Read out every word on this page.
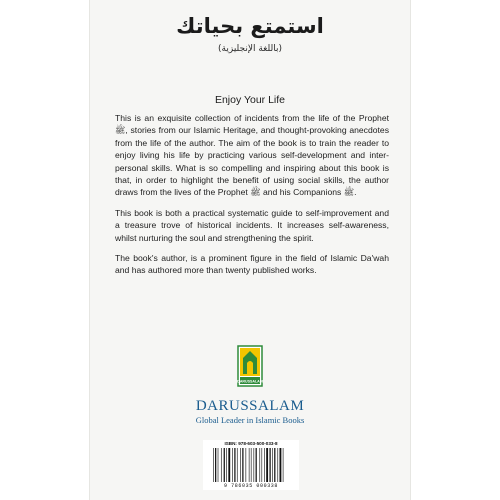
استمتع بحياتك
(باللغة الإنجليزية)
Enjoy Your Life

This is an exquisite collection of incidents from the life of the Prophet ﷺ, stories from our Islamic Heritage, and thought-provoking anecdotes from the life of the author. The aim of the book is to train the reader to enjoy living his life by practicing various self-development and inter-personal skills. What is so compelling and inspiring about this book is that, in order to highlight the benefit of using social skills, the author draws from the lives of the Prophet ﷺ and his Companions ﷺ.

This book is both a practical systematic guide to self-improvement and a treasure trove of historical incidents. It increases self-awareness, whilst nurturing the soul and strengthening the spirit.

The book's author, is a prominent figure in the field of Islamic Da'wah and has authored more than twenty published works.

DARUSSALAM
DARUSSALAM
Global Leader in Islamic Books
ISBN: 978-603-500-033-8
9 786035 000338
